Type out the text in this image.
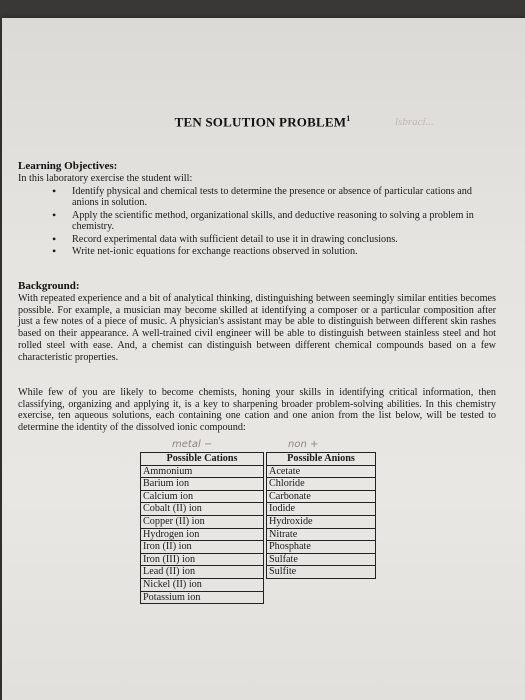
TEN SOLUTION PROBLEM$^1$	lsbraci...
Learning Objectives:
In this laboratory exercise the student will:
• Identify physical and chemical tests to determine the presence or absence of particular cations and anions in solution.
• Apply the scientific method, organizational skills, and deductive reasoning to solving a problem in chemistry.
• Record experimental data with sufficient detail to use it in drawing conclusions.
• Write net-ionic equations for exchange reactions observed in solution.
Background:
With repeated experience and a bit of analytical thinking, distinguishing between seemingly similar entities becomes possible. For example, a musician may become skilled at identifying a composer or a particular composition after just a few notes of a piece of music. A physician's assistant may be able to distinguish between different skin rashes based on their appearance. A well-trained civil engineer will be able to distinguish between stainless steel and hot rolled steel with ease. And, a chemist can distinguish between different chemical compounds based on a few characteristic properties.
While few of you are likely to become chemists, honing your skills in identifying critical information, then classifying, organizing and applying it, is a key to sharpening broader problem-solving abilities. In this chemistry exercise, ten aqueous solutions, each containing one cation and one anion from the list below, will be tested to determine the identity of the dissolved ionic compound:
metal −	non +
Possible Cations		Possible Anions
Ammonium		Acetate
Barium ion		Chloride
Calcium ion		Carbonate
Cobalt (II) ion		Iodide
Copper (II) ion		Hydroxide
Hydrogen ion		Nitrate
Iron (II) ion		Phosphate
Iron (III) ion		Sulfate
Lead (II) ion		Sulfite
Nickel (II) ion		
Potassium ion		
